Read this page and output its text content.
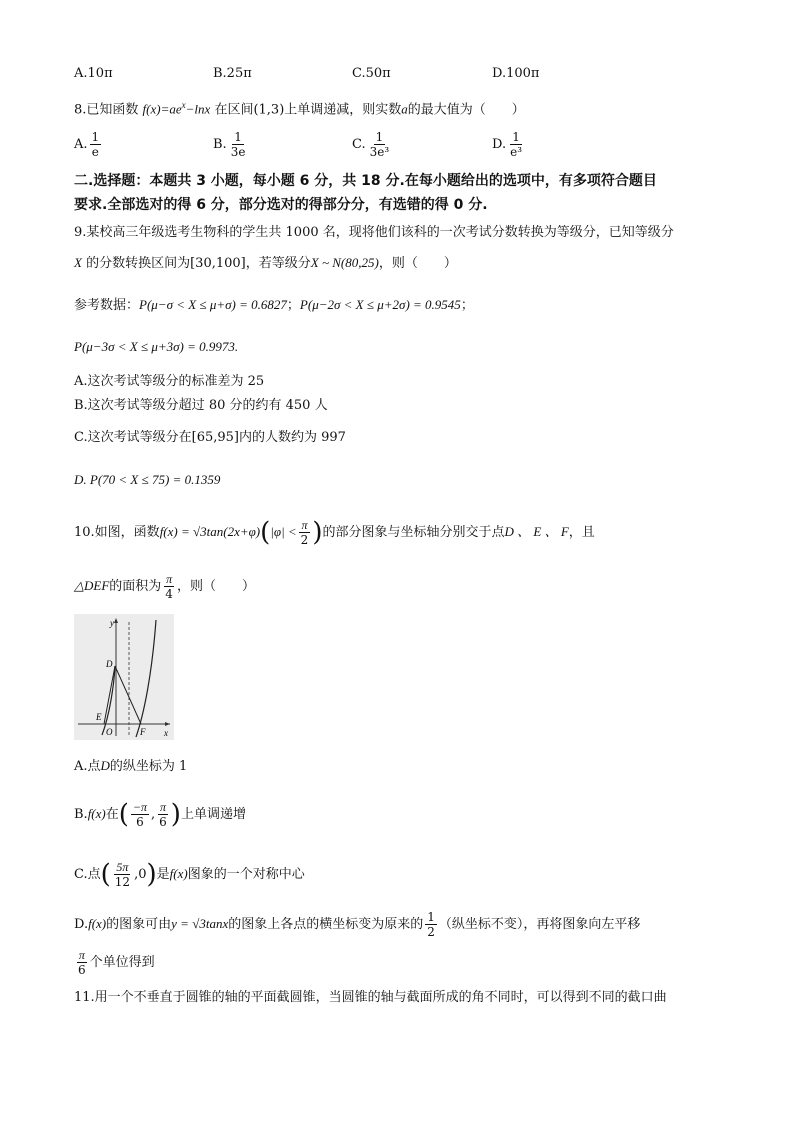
A.10π	B.25π	C.50π	D.100π
8.已知函数 $f(x)=ae^x-\ln x$ 在区间(1,3)上单调递减，则实数a的最大值为（　　）
A. $\frac{1}{e}$	B. $\frac{1}{3e}$	C. $\frac{1}{\text{3e³}}$	D. $\frac{1}{\text{e³}}$
二.选择题：本题共 3 小题，每小题 6 分，共 18 分.在每小题给出的选项中，有多项符合题目
要求.全部选对的得 6 分，部分选对的得部分分，有选错的得 0 分.
9.某校高三年级选考生物科的学生共 1000 名，现将他们该科的一次考试分数转换为等级分，已知等级分
X 的分数转换区间为[30,100]，若等级分X ~ N(80,25)，则（　　）
参考数据：P(μ−σ < X ≤ μ+σ) = 0.6827；P(μ−2σ < X ≤ μ+2σ) = 0.9545；
P(μ−3σ < X ≤ μ+3σ) = 0.9973.
A.这次考试等级分的标准差为 25
B.这次考试等级分超过 80 分的约有 450 人
C.这次考试等级分在[65,95]内的人数约为 997
D. P(70 < X ≤ 75) = 0.1359
10.如图，函数$f(x) = √3\tan(2x+\varphi)(|\varphi| < \frac{\pi}{2}$ )的部分图象与坐标轴分别交于点D 、 E 、 F，且
△DEF的面积为 $\frac{\pi}{4}$ ，则（　　）
y
x
D
E
O	F
A.点D的纵坐标为 1
B.f(x)在( $\frac{-\pi}{6}$ , $\frac{\pi}{6}$ )上单调递增
C.点( $\frac{5\pi}{12} ,0$)是f(x)图象的一个对称中心
D.f(x)的图象可由y = √3tanx的图象上各点的横坐标变为原来的 $\frac{1}{2}$ （纵坐标不变），再将图象向左平移
$\frac{\pi}{6}$ 个单位得到
11.用一个不垂直于圆锥的轴的平面截圆锥，当圆锥的轴与截面所成的角不同时，可以得到不同的截口曲
